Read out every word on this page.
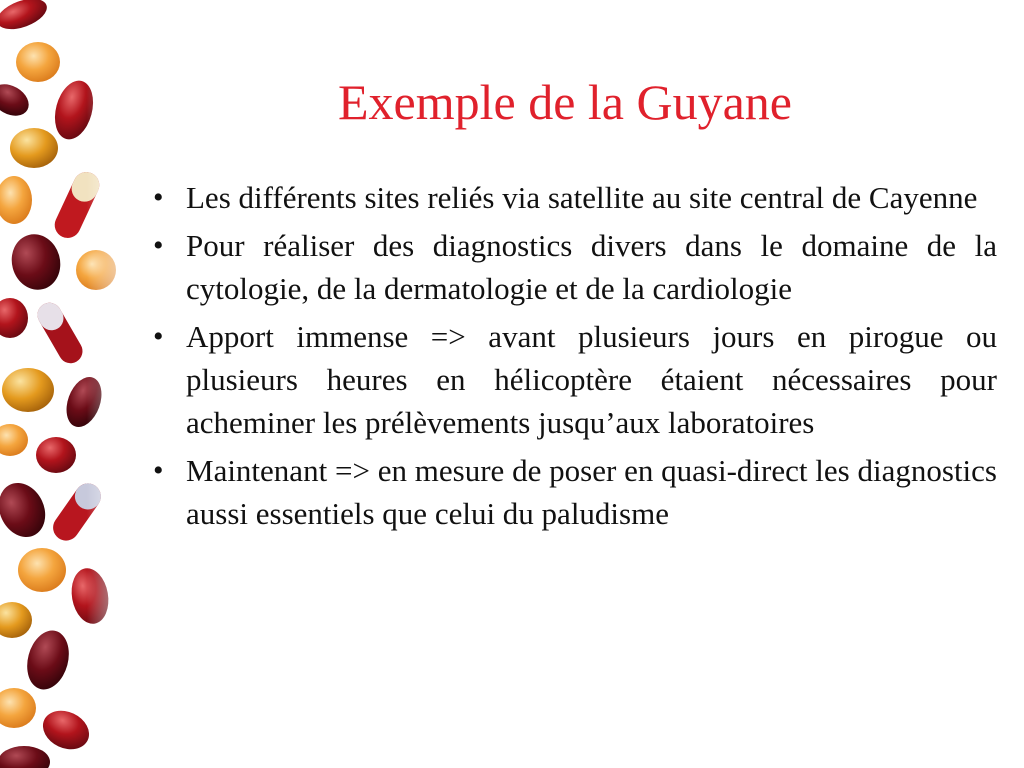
Exemple de la Guyane
• Les différents sites reliés via satellite au site central de Cayenne
• Pour réaliser des diagnostics divers dans le domaine de la cytologie, de la dermatologie et de la cardiologie
• Apport immense => avant plusieurs jours en pirogue ou plusieurs heures en hélicoptère étaient nécessaires pour acheminer les prélèvements jusqu’aux laboratoires
• Maintenant => en mesure de poser en quasi-direct les diagnostics aussi essentiels que celui du paludisme
